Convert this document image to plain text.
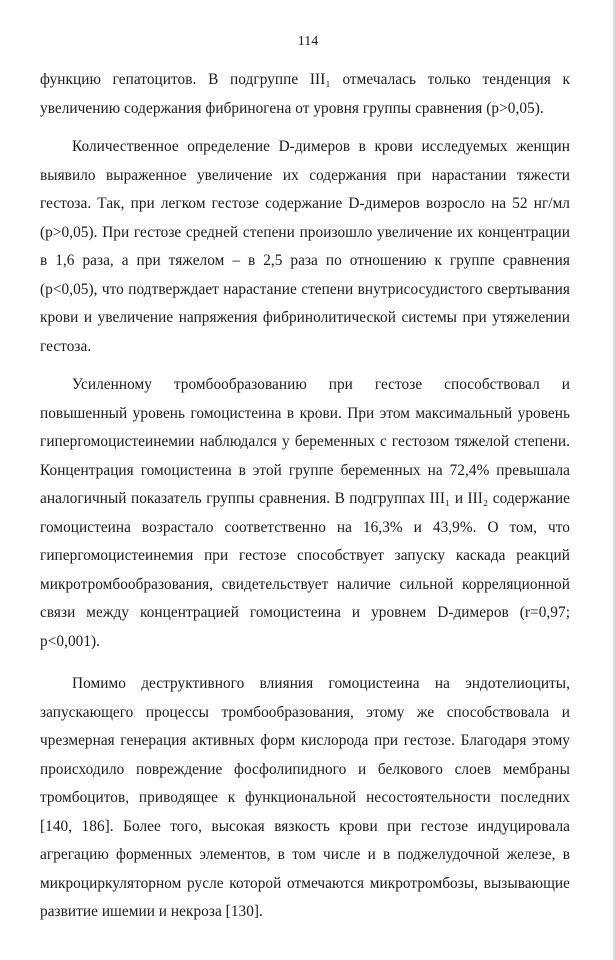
114

функцию гепатоцитов. В подгруппе III₁ отмечалась только тенденция к увеличению содержания фибриногена от уровня группы сравнения (p>0,05).

Количественное определение D-димеров в крови исследуемых женщин выявило выраженное увеличение их содержания при нарастании тяжести гестоза. Так, при легком гестозе содержание D-димеров возросло на 52 нг/мл (p>0,05). При гестозе средней степени произошло увеличение их концентрации в 1,6 раза, а при тяжелом – в 2,5 раза по отношению к группе сравнения (p<0,05), что подтверждает нарастание степени внутрисосудистого свертывания крови и увеличение напряжения фибринолитической системы при утяжелении гестоза.

Усиленному тромбообразованию при гестозе способствовал и повышенный уровень гомоцистеина в крови. При этом максимальный уровень гипергомоцистеинемии наблюдался у беременных с гестозом тяжелой степени. Концентрация гомоцистеина в этой группе беременных на 72,4% превышала аналогичный показатель группы сравнения. В подгруппах III₁ и III₂ содержание гомоцистеина возрастало соответственно на 16,3% и 43,9%. О том, что гипергомоцистеинемия при гестозе способствует запуску каскада реакций микротромбообразования, свидетельствует наличие сильной корреляционной связи между концентрацией гомоцистеина и уровнем D-димеров (r=0,97; p<0,001).

Помимо деструктивного влияния гомоцистеина на эндотелиоциты, запускающего процессы тромбообразования, этому же способствовала и чрезмерная генерация активных форм кислорода при гестозе. Благодаря этому происходило повреждение фосфолипидного и белкового слоев мембраны тромбоцитов, приводящее к функциональной несостоятельности последних [140, 186]. Более того, высокая вязкость крови при гестозе индуцировала агрегацию форменных элементов, в том числе и в поджелудочной железе, в микроциркуляторном русле которой отмечаются микротромбозы, вызывающие развитие ишемии и некроза [130].
